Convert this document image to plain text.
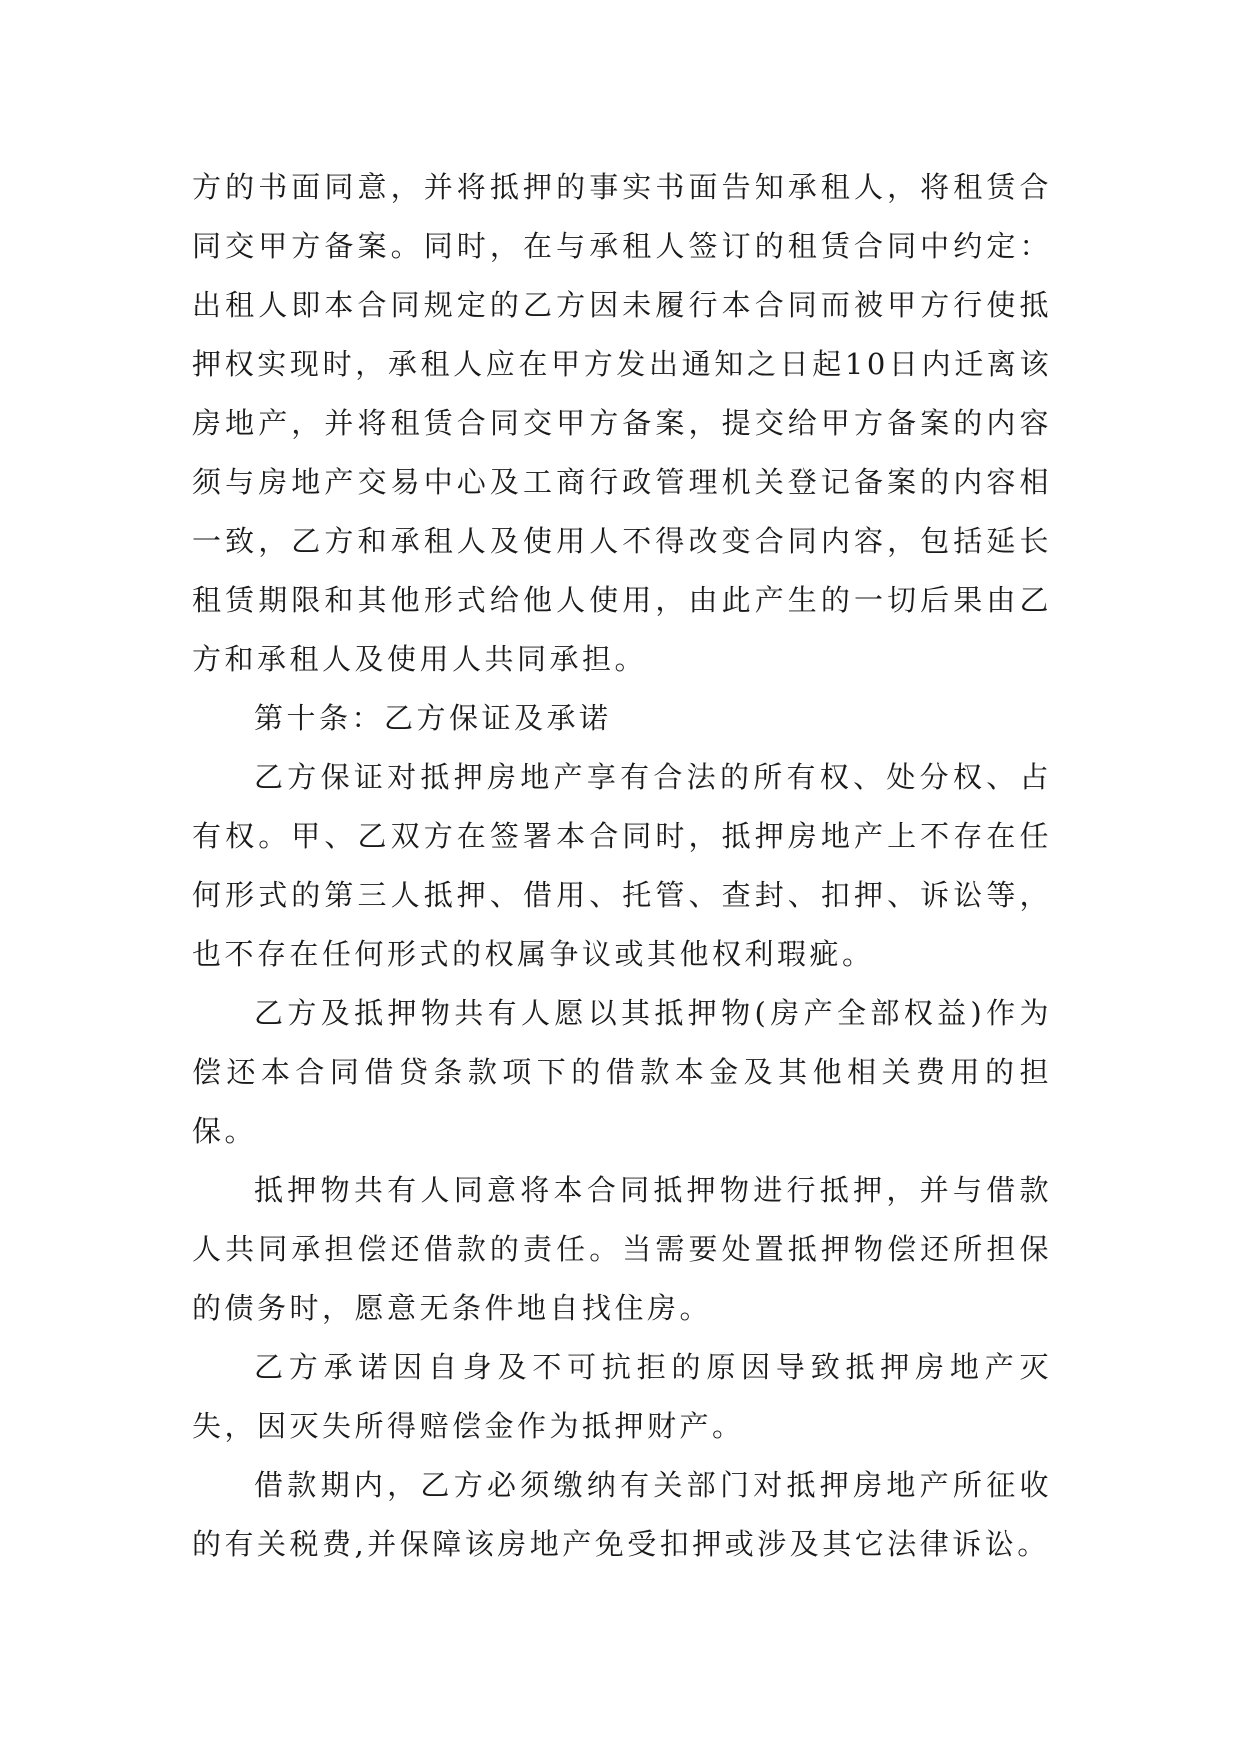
方的书面同意，并将抵押的事实书面告知承租人，将租赁合同交甲方备案。同时，在与承租人签订的租赁合同中约定：出租人即本合同规定的乙方因未履行本合同而被甲方行使抵押权实现时，承租人应在甲方发出通知之日起10日内迁离该房地产，并将租赁合同交甲方备案，提交给甲方备案的内容须与房地产交易中心及工商行政管理机关登记备案的内容相一致，乙方和承租人及使用人不得改变合同内容，包括延长租赁期限和其他形式给他人使用，由此产生的一切后果由乙方和承租人及使用人共同承担。

第十条：乙方保证及承诺

乙方保证对抵押房地产享有合法的所有权、处分权、占有权。甲、乙双方在签署本合同时，抵押房地产上不存在任何形式的第三人抵押、借用、托管、查封、扣押、诉讼等，也不存在任何形式的权属争议或其他权利瑕疵。

乙方及抵押物共有人愿以其抵押物(房产全部权益)作为偿还本合同借贷条款项下的借款本金及其他相关费用的担保。

抵押物共有人同意将本合同抵押物进行抵押，并与借款人共同承担偿还借款的责任。当需要处置抵押物偿还所担保的债务时，愿意无条件地自找住房。

乙方承诺因自身及不可抗拒的原因导致抵押房地产灭失，因灭失所得赔偿金作为抵押财产。

借款期内，乙方必须缴纳有关部门对抵押房地产所征收的有关税费,并保障该房地产免受扣押或涉及其它法律诉讼。
